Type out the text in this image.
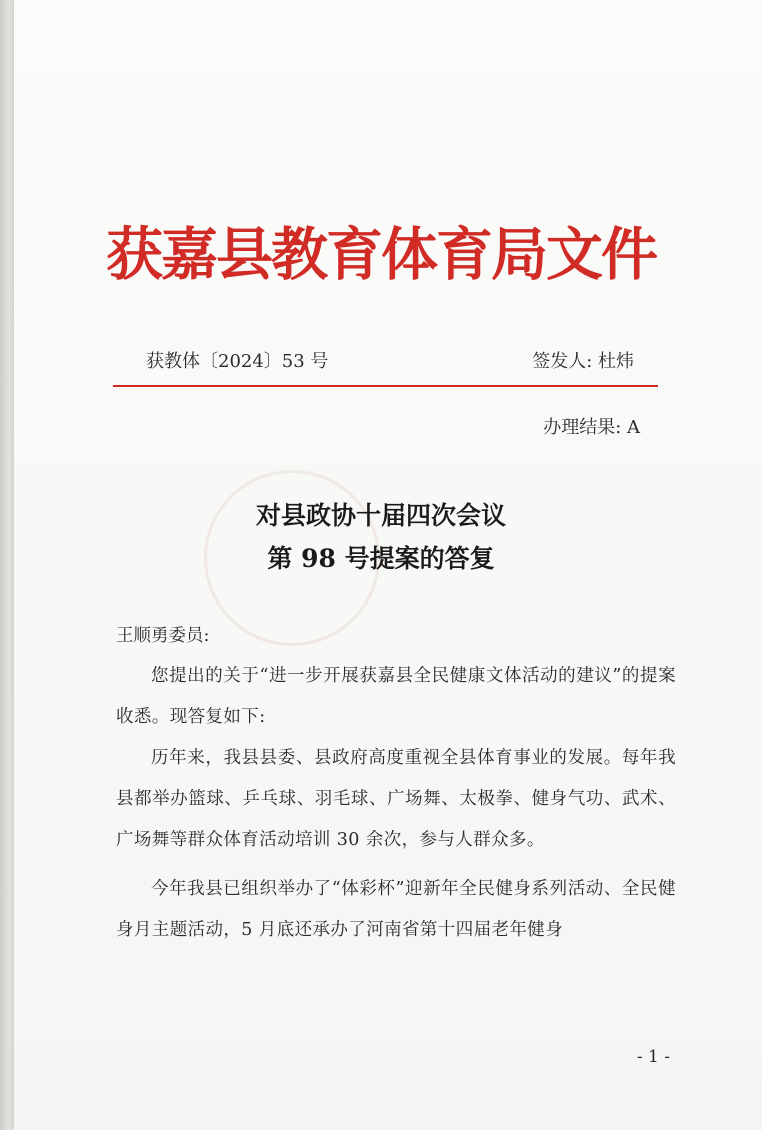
获嘉县教育体育局文件
获教体〔2024〕53 号	签发人: 杜炜
办理结果: A
对县政协十届四次会议
第 98 号提案的答复
王顺勇委员:

您提出的关于“进一步开展获嘉县全民健康文体活动的建议”的提案收悉。现答复如下:

历年来，我县县委、县政府高度重视全县体育事业的发展。每年我县都举办篮球、乒乓球、羽毛球、广场舞、太极拳、健身气功、武术、广场舞等群众体育活动培训 30 余次，参与人群众多。

今年我县已组织举办了“体彩杯”迎新年全民健身系列活动、全民健身月主题活动，5 月底还承办了河南省第十四届老年健身

- 1 -
